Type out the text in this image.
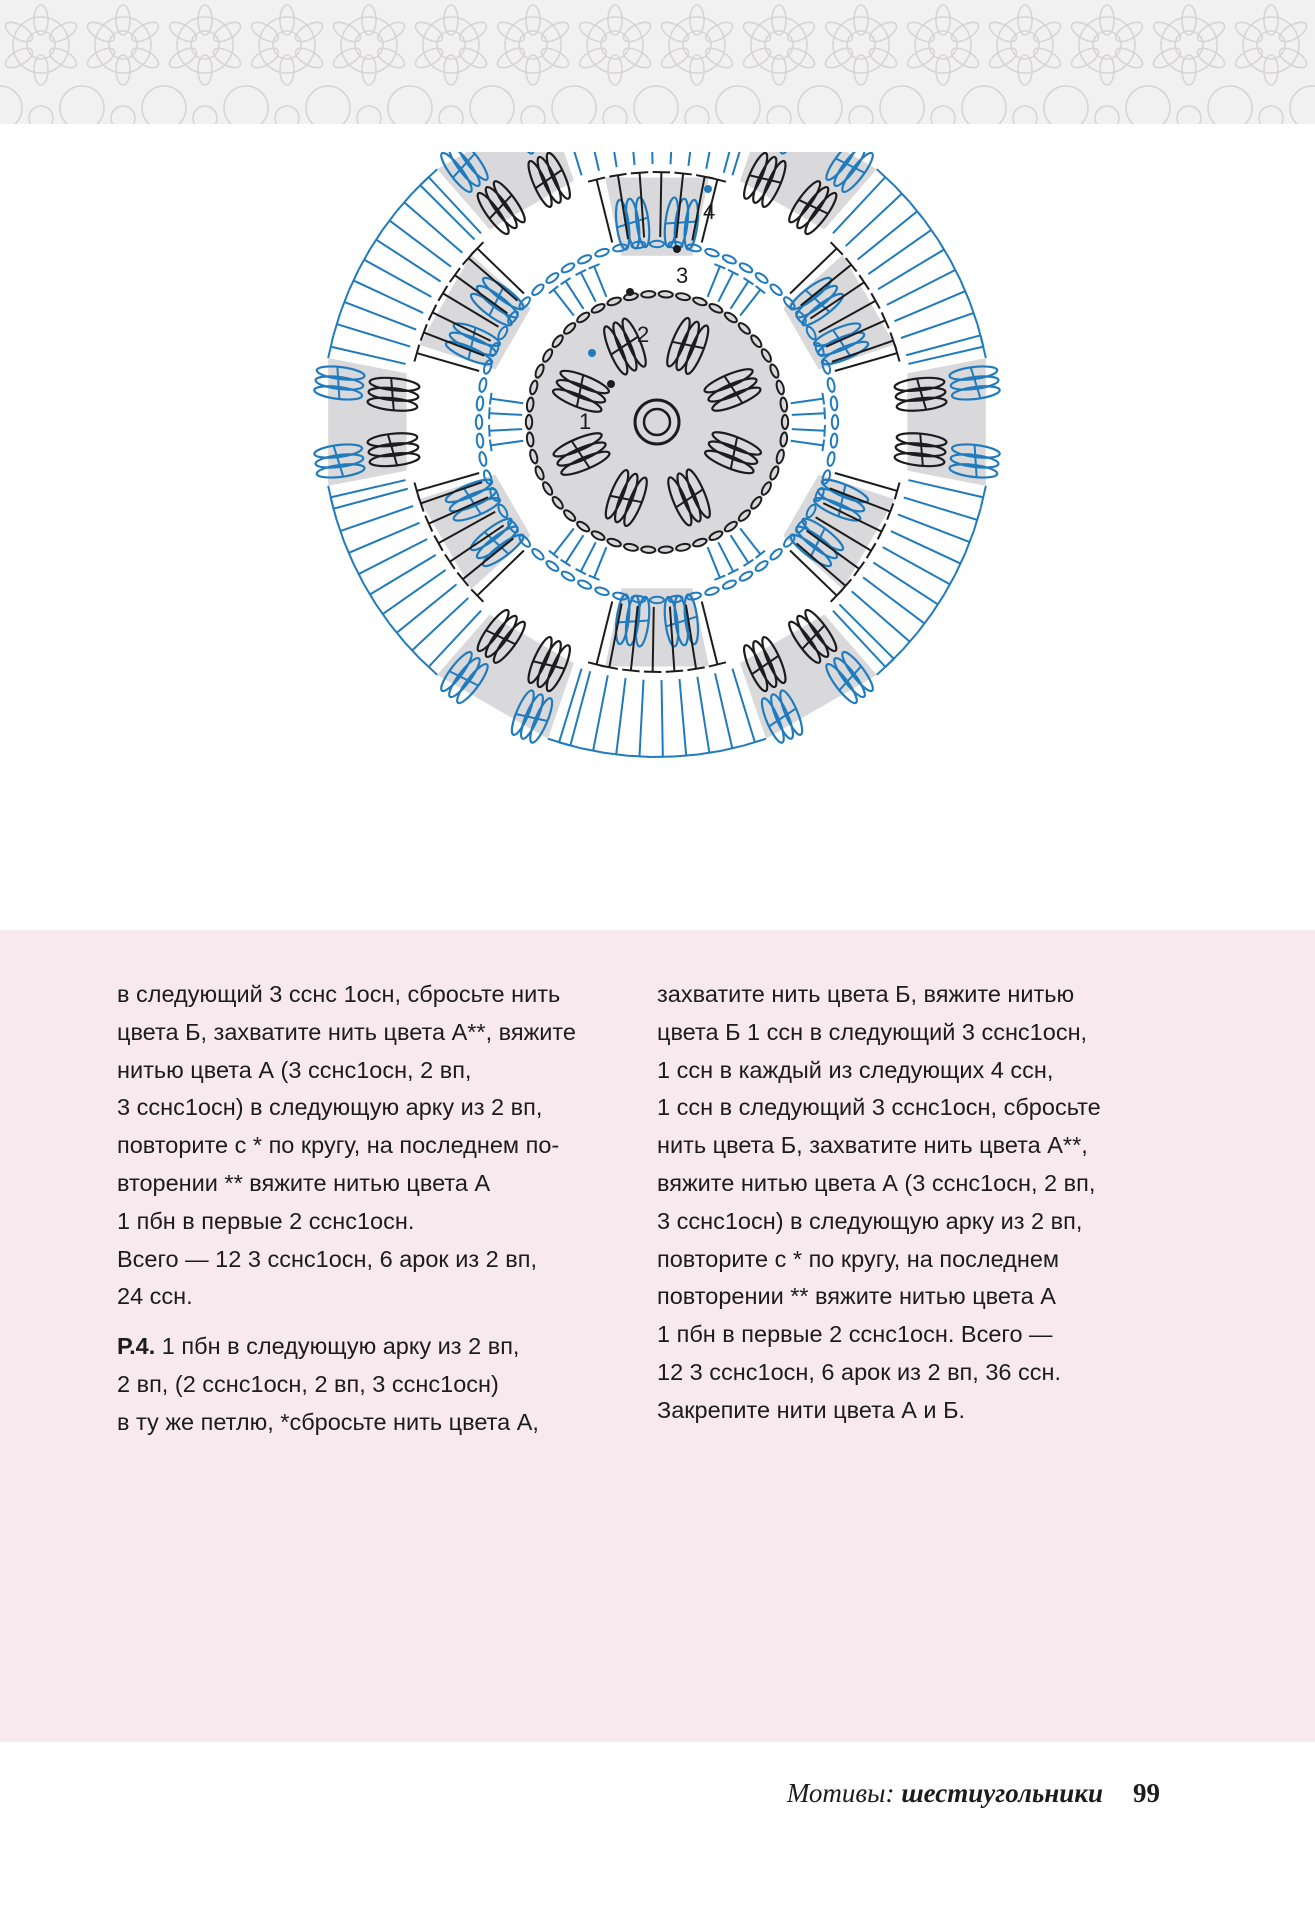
1
2
3
4
в следующий 3 сснс 1осн, сбросьте нить
цвета Б, захватите нить цвета А**, вяжите
нитью цвета А (3 сснс1осн, 2 вп,
3 сснс1осн) в следующую арку из 2 вп,
повторите с * по кругу, на последнем по-
вторении ** вяжите нитью цвета А
1 пбн в первые 2 сснс1осн.
Всего — 12 3 сснс1осн, 6 арок из 2 вп,
24 ссн.
Р.4. 1 пбн в следующую арку из 2 вп,
2 вп, (2 сснс1осн, 2 вп, 3 сснс1осн)
в ту же петлю, *сбросьте нить цвета А,
захватите нить цвета Б, вяжите нитью
цвета Б 1 ссн в следующий 3 сснс1осн,
1 ссн в каждый из следующих 4 ссн,
1 ссн в следующий 3 сснс1осн, сбросьте
нить цвета Б, захватите нить цвета А**,
вяжите нитью цвета А (3 сснс1осн, 2 вп,
3 сснс1осн) в следующую арку из 2 вп,
повторите с * по кругу, на последнем
повторении ** вяжите нитью цвета А
1 пбн в первые 2 сснс1осн. Всего —
12 3 сснс1осн, 6 арок из 2 вп, 36 ссн.
Закрепите нити цвета А и Б.
Мотивы: шестиугольники 99
